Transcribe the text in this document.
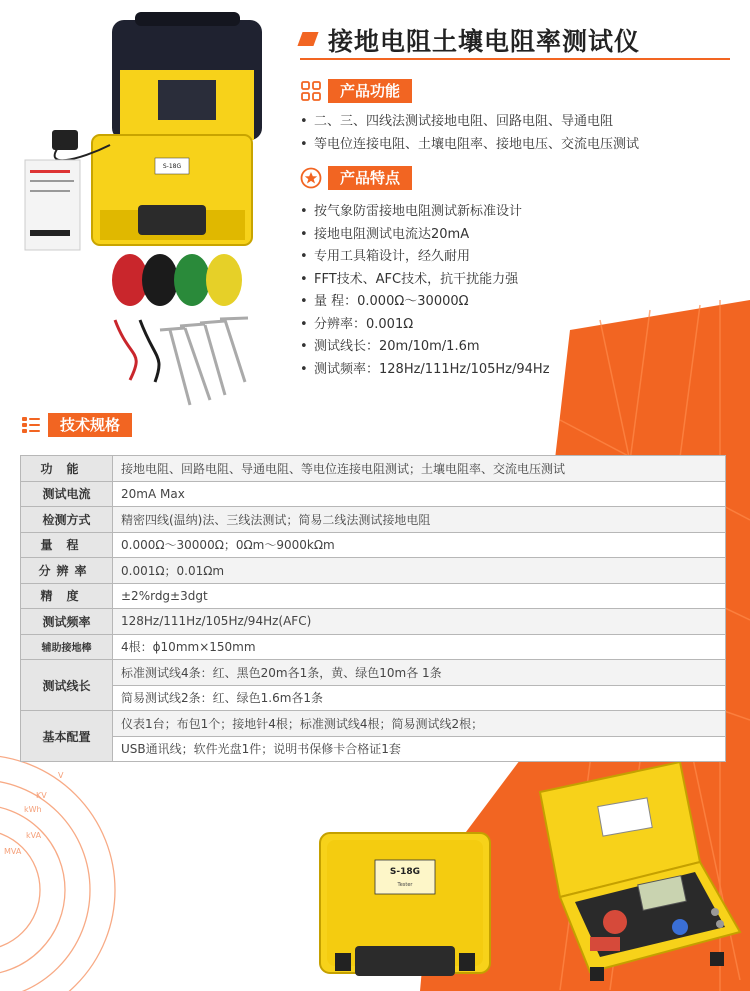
V
kWh
KV
kVA
MVA
S-18G
接地电阻土壤电阻率测试仪
产品功能
• 二、三、四线法测试接地电阻、回路电阻、导通电阻
• 等电位连接电阻、土壤电阻率、接地电压、交流电压测试
产品特点
• 按气象防雷接地电阻测试新标准设计
• 接地电阻测试电流达20mA
• 专用工具箱设计，经久耐用
• FFT技术、AFC技术，抗干扰能力强
• 量 程：0.000Ω～30000Ω
• 分辨率：0.001Ω
• 测试线长：20m/10m/1.6m
• 测试频率：128Hz/111Hz/105Hz/94Hz
技术规格
功能	接地电阻、回路电阻、导通电阻、等电位连接电阻测试；土壤电阻率、交流电压测试
测试电流	20mA Max
检测方式	精密四线(温纳)法、三线法测试；简易二线法测试接地电阻
量程	0.000Ω～30000Ω；0Ωm～9000kΩm
分辨率	0.001Ω；0.01Ωm
精度	±2%rdg±3dgt
测试频率	128Hz/111Hz/105Hz/94Hz(AFC)
辅助接地棒	4根：ϕ10mm×150mm
测试线长	标准测试线4条：红、黑色20m各1条，黄、绿色10m各 1条
	简易测试线2条：红、绿色1.6m各1条
基本配置	仪表1台；布包1个；接地针4根；标准测试线4根；简易测试线2根；
	USB通讯线；软件光盘1件；说明书保修卡合格证1套
S-18G
Tester
